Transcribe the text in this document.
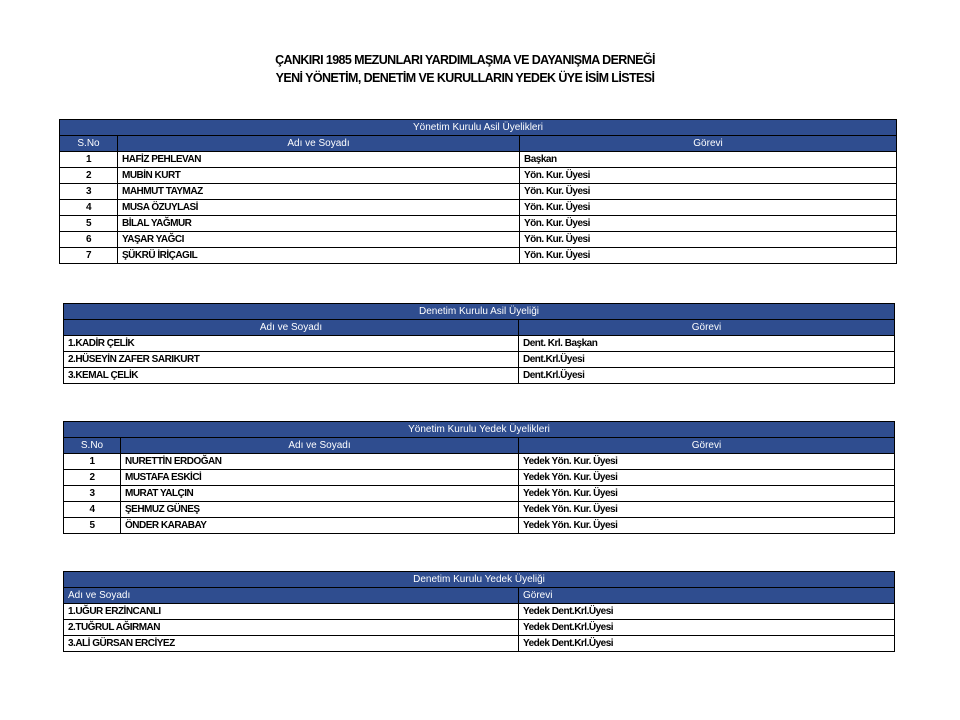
ÇANKIRI 1985 MEZUNLARI YARDIMLAŞMA VE DAYANIŞMA DERNEĞİ
YENİ YÖNETİM, DENETİM VE KURULLARIN YEDEK ÜYE İSİM LİSTESİ
Yönetim Kurulu Asil Üyelikleri		
S.No	Adı ve Soyadı	Görevi
1	HAFİZ PEHLEVAN	Başkan
2	MUBİN KURT	Yön. Kur. Üyesi
3	MAHMUT TAYMAZ	Yön. Kur. Üyesi
4	MUSA ÖZUYLASİ	Yön. Kur. Üyesi
5	BİLAL YAĞMUR	Yön. Kur. Üyesi
6	YAŞAR YAĞCI	Yön. Kur. Üyesi
7	ŞÜKRÜ İRİÇAGIL	Yön. Kur. Üyesi
Denetim Kurulu Asil Üyeliği	
Adı ve Soyadı	Görevi
1.KADİR ÇELİK	Dent. Krl. Başkan
2.HÜSEYİN ZAFER SARIKURT	Dent.Krl.Üyesi
3.KEMAL ÇELİK	Dent.Krl.Üyesi
Yönetim Kurulu Yedek Üyelikleri		
S.No	Adı ve Soyadı	Görevi
1	NURETTİN ERDOĞAN	Yedek Yön. Kur. Üyesi
2	MUSTAFA ESKİCİ	Yedek Yön. Kur. Üyesi
3	MURAT YALÇIN	Yedek Yön. Kur. Üyesi
4	ŞEHMUZ GÜNEŞ	Yedek Yön. Kur. Üyesi
5	ÖNDER KARABAY	Yedek Yön. Kur. Üyesi
Denetim Kurulu Yedek Üyeliği	
Adı ve Soyadı	Görevi
1.UĞUR ERZİNCANLI	Yedek Dent.Krl.Üyesi
2.TUĞRUL AĞIRMAN	Yedek Dent.Krl.Üyesi
3.ALİ GÜRSAN ERCİYEZ	Yedek Dent.Krl.Üyesi
